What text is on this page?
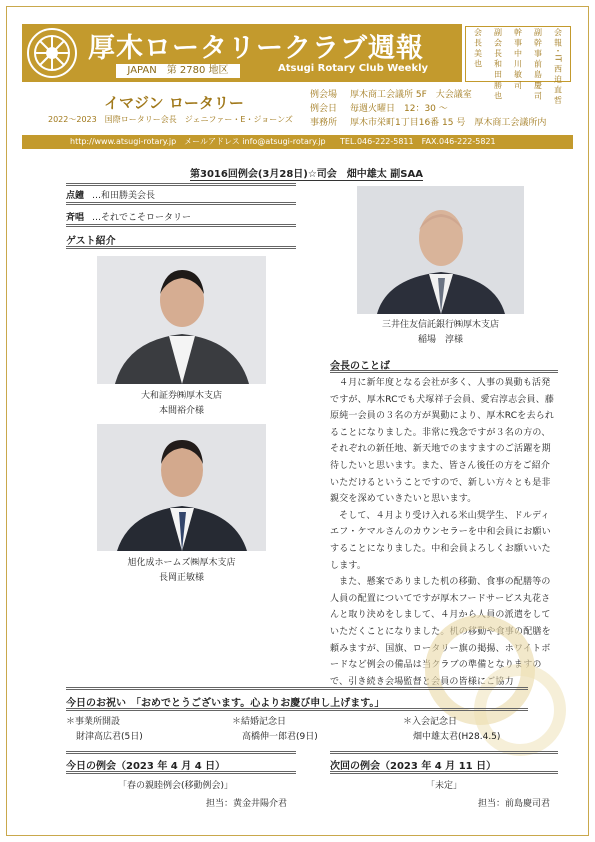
厚木ロータリークラブ週報
JAPAN　第 2780 地区	Atsugi Rotary Club Weekly
会 長 美 也 副 会 長 和 田 勝 也 幹 事 中 川 敏 司 副 幹 事 前 島 慶 司 会 報・IT 西 迫 直 哲
イマジン ロータリー
2022～2023　国際ロータリー会長　ジェニファー・E・ジョーンズ
例会場 厚木商工会議所 5F　大会議室
例会日 毎週火曜日　12：30 ～
事務所 厚木市栄町1丁目16番 15 号　厚木商工会議所内
http://www.atsugi-rotary.jp　メールアドレス info@atsugi-rotary.jp TEL.046-222-5811　FAX.046-222-5821
第3016回例会(3月28日)☆司会　畑中雄太 副SAA
点鐘 …和田勝美会長
斉唱 …それでこそロータリー
ゲスト紹介
三井住友信託銀行㈱厚木支店
稲場　淳様
大和証券㈱厚木支店
本間裕介様
旭化成ホームズ㈱厚木支店
長岡正敏様
会長のことば

４月に新年度となる会社が多く、人事の異動も活発ですが、厚木RCでも犬塚祥子会員、愛宕淳志会員、藤原純一会員の３名の方が異動により、厚木RCを去られることになりました。非常に残念ですが３名の方の、それぞれの新任地、新天地でのますますのご活躍を期待したいと思います。また、皆さん後任の方をご紹介いただけるということですので、新しい方々とも是非親交を深めていきたいと思います。

そして、４月より受け入れる米山奨学生、ドルディエフ・ケマルさんのカウンセラーを中和会員にお願いすることになりました。中和会員よろしくお願いいたします。

また、懸案でありました机の移動、食事の配膳等の人員の配置についてですが厚木フードサービス丸花さんと取り決めをしまして、４月から人員の派遣をしていただくことになりました。机の移動や食事の配膳を頼みますが、国旗、ロータリー旗の掲揚、ホワイトボードなど例会の備品は当クラブの準備となりますので、引き続き会場監督と会員の皆様にご協力

今日のお祝い　「おめでとうございます。心よりお慶び申し上げます。」
＊事業所開設
財津高広君(5日)
＊結婚記念日
高橋伸一郎君(9日)
＊入会記念日
畑中雄太君(H28.4.5)
今日の例会（2023 年 4 月 4 日）
「春の親睦例会(移動例会)」
担当：黄金井陽介君
次回の例会（2023 年 4 月 11 日）
「未定」
担当：前島慶司君
